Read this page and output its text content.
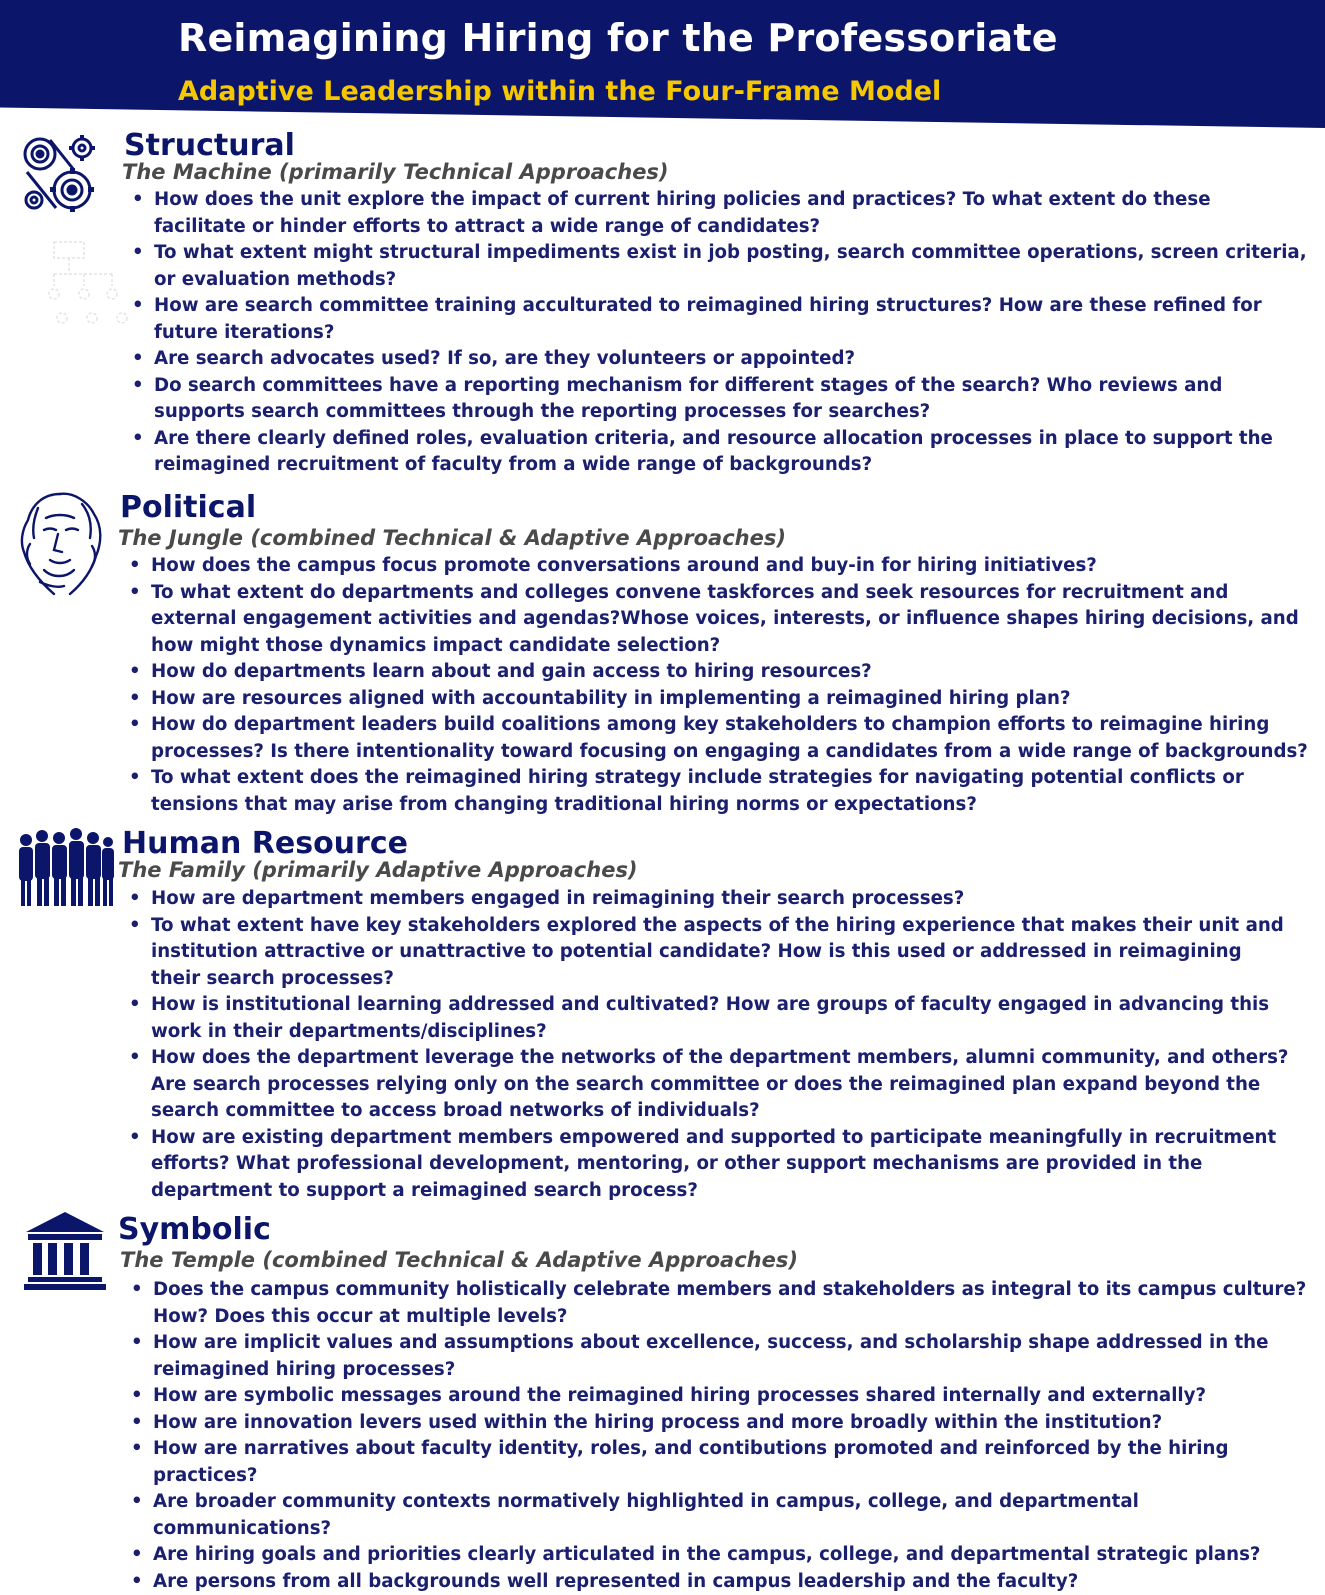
Reimagining Hiring for the Professoriate
Adaptive Leadership within the Four-Frame Model
Structural
The Machine (primarily Technical Approaches)
• How does the unit explore the impact of current hiring policies and practices? To what extent do these facilitate or hinder efforts to attract a wide range of candidates?
• To what extent might structural impediments exist in job posting, search committee operations, screen criteria, or evaluation methods?
• How are search committee training acculturated to reimagined hiring structures? How are these refined for future iterations?
• Are search advocates used? If so, are they volunteers or appointed?
• Do search committees have a reporting mechanism for different stages of the search? Who reviews and supports search committees through the reporting processes for searches?
• Are there clearly defined roles, evaluation criteria, and resource allocation processes in place to support the reimagined recruitment of faculty from a wide range of backgrounds?
Political
The Jungle (combined Technical & Adaptive Approaches)
• How does the campus focus promote conversations around and buy-in for hiring initiatives?
• To what extent do departments and colleges convene taskforces and seek resources for recruitment and external engagement activities and agendas?Whose voices, interests, or influence shapes hiring decisions, and how might those dynamics impact candidate selection?
• How do departments learn about and gain access to hiring resources?
• How are resources aligned with accountability in implementing a reimagined hiring plan?
• How do department leaders build coalitions among key stakeholders to champion efforts to reimagine hiring processes? Is there intentionality toward focusing on engaging a candidates from a wide range of backgrounds?
• To what extent does the reimagined hiring strategy include strategies for navigating potential conflicts or tensions that may arise from changing traditional hiring norms or expectations?
Human Resource
The Family (primarily Adaptive Approaches)
• How are department members engaged in reimagining their search processes?
• To what extent have key stakeholders explored the aspects of the hiring experience that makes their unit and institution attractive or unattractive to potential candidate? How is this used or addressed in reimagining their search processes?
• How is institutional learning addressed and cultivated? How are groups of faculty engaged in advancing this work in their departments/disciplines?
• How does the department leverage the networks of the department members, alumni community, and others? Are search processes relying only on the search committee or does the reimagined plan expand beyond the search committee to access broad networks of individuals?
• How are existing department members empowered and supported to participate meaningfully in recruitment efforts? What professional development, mentoring, or other support mechanisms are provided in the department to support a reimagined search process?
Symbolic
The Temple (combined Technical & Adaptive Approaches)
• Does the campus community holistically celebrate members and stakeholders as integral to its campus culture? How? Does this occur at multiple levels?
• How are implicit values and assumptions about excellence, success, and scholarship shape addressed in the reimagined hiring processes?
• How are symbolic messages around the reimagined hiring processes shared internally and externally?
• How are innovation levers used within the hiring process and more broadly within the institution?
• How are narratives about faculty identity, roles, and contibutions promoted and reinforced by the hiring practices?
• Are broader community contexts normatively highlighted in campus, college, and departmental communications?
• Are hiring goals and priorities clearly articulated in the campus, college, and departmental strategic plans?
• Are persons from all backgrounds well represented in campus leadership and the faculty?
